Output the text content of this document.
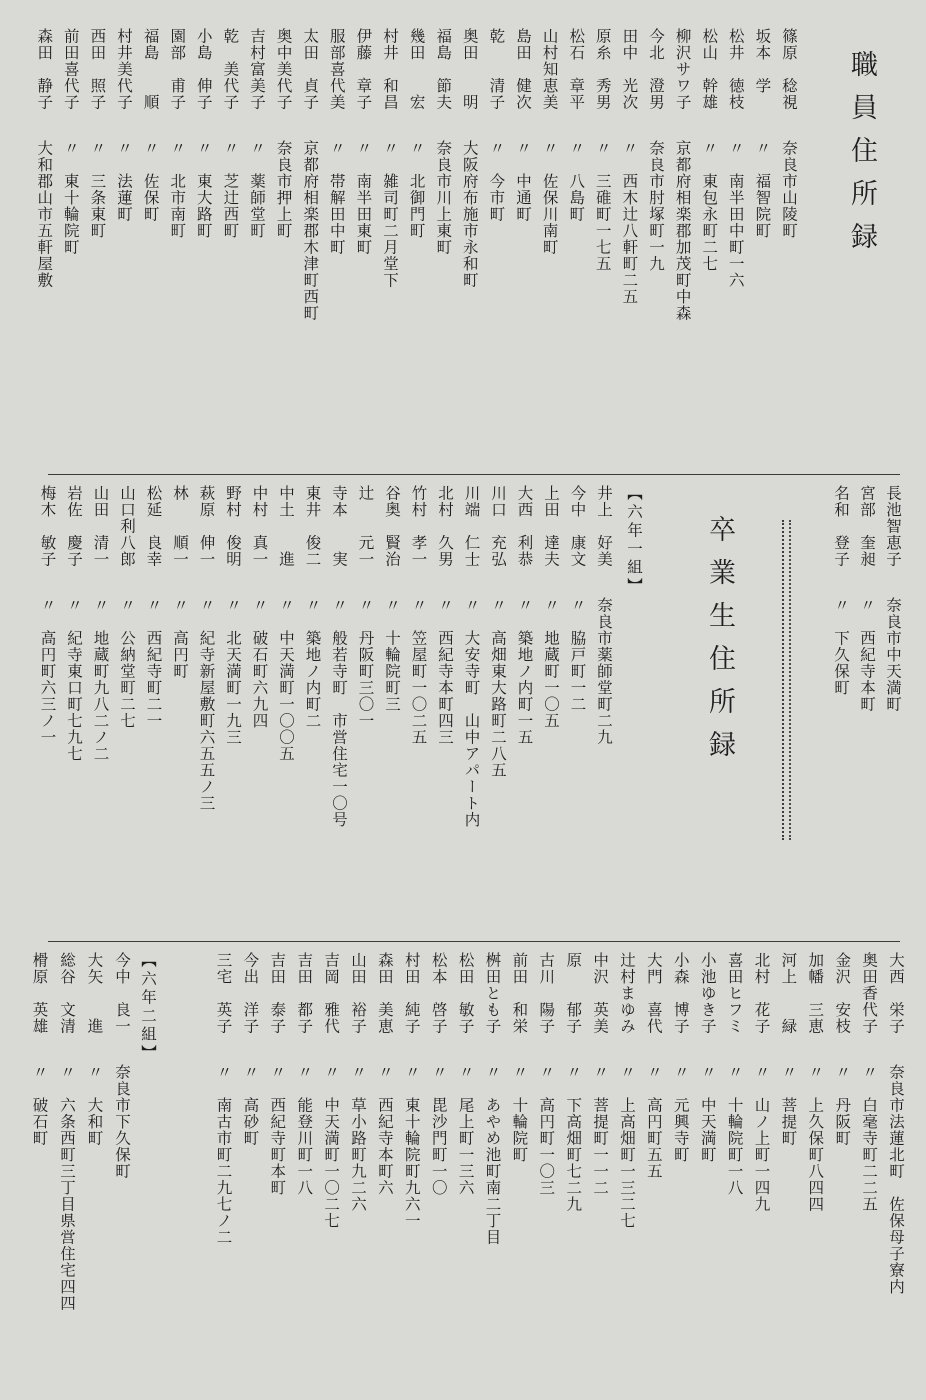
職員住所録
篠原　稔視奈良市山陵町
坂本　学〃　福智院町
松井　徳枝〃　南半田中町一六
松山　幹雄〃　東包永町二七
柳沢サワ子京都府相楽郡加茂町中森
今北　澄男奈良市肘塚町一九
田中　光次〃　西木辻八軒町二五
原糸　秀男〃　三碓町一七五
松石　章平〃　八島町
山村知恵美〃　佐保川南町
島田　健次〃　中通町
乾　　清子〃　今市町
奥田　　明大阪府布施市永和町
福島　節夫奈良市川上東町
幾田　　宏〃　北御門町
村井　和昌〃　雑司町二月堂下
伊藤　章子〃　南半田東町
服部喜代美〃　帯解田中町
太田　貞子京都府相楽郡木津町西町
奥中美代子奈良市押上町
吉村富美子〃　薬師堂町
乾　美代子〃　芝辻西町
小島　伸子〃　東大路町
園部　甫子〃　北市南町
福島　　順〃　佐保町
村井美代子〃　法蓮町
西田　照子〃　三条東町
前田喜代子〃　東十輪院町
森田　静子大和郡山市五軒屋敷
長池智恵子奈良市中天満町
宮部　奎昶〃　西紀寺本町
名和　登子〃　下久保町
卒業生住所録
【六年一組】
井上　好美奈良市薬師堂町二九
今中　康文〃　脇戸町一二
上田　達夫〃　地蔵町一〇五
大西　利恭〃　築地ノ内町一五
川口　充弘〃　高畑東大路町二八五
川端　仁士〃　大安寺町　山中アパート内
北村　久男〃　西紀寺本町四三
竹村　孝一〃　笠屋町一〇二五
谷奥　賢治〃　十輪院町三
辻　　元一〃　丹阪町三〇一
寺本　　実〃　般若寺町　市営住宅一〇号
東井　俊二〃　築地ノ内町二
中土　　進〃　中天満町一〇〇五
中村　真一〃　破石町六九四
野村　俊明〃　北天満町一九三
萩原　伸一〃　紀寺新屋敷町六五五ノ三
林　　順一〃　高円町
松延　良幸〃　西紀寺町二一
山口利八郎〃　公納堂町二七
山田　清一〃　地蔵町九八二ノ二
岩佐　慶子〃　紀寺東口町七九七
梅木　敏子〃　高円町六三ノ一
大西　栄子奈良市法蓮北町　佐保母子寮内
奥田香代子〃　白毫寺町二二五
金沢　安枝〃　丹阪町
加幡　三恵〃　上久保町八四四
河上　　緑〃　菩提町
北村　花子〃　山ノ上町一四九
喜田ヒフミ〃　十輪院町一八
小池ゆき子〃　中天満町
小森　博子〃　元興寺町
大門　喜代〃　高円町五五
辻村まゆみ〃　上高畑町一三二七
中沢　英美〃　菩提町一一二
原　　郁子〃　下高畑町七二九
古川　陽子〃　高円町一〇三
前田　和栄〃　十輪院町
桝田とも子〃　あやめ池町南二丁目
松田　敏子〃　尾上町一三六
松本　啓子〃　毘沙門町一〇
村田　純子〃　東十輪院町九六一
森田　美恵〃　西紀寺本町六
山田　裕子〃　草小路町九二六
吉岡　雅代〃　中天満町一〇二七
吉田　都子〃　能登川町一八
吉田　泰子〃　西紀寺町本町
今出　洋子〃　高砂町
三宅　英子〃　南古市町二九七ノ二
【六年二組】
今中　良一奈良市下久保町
大矢　　進〃　大和町
総谷　文清〃　六条西町三丁目県営住宅四四
榾原　英雄〃　破石町
